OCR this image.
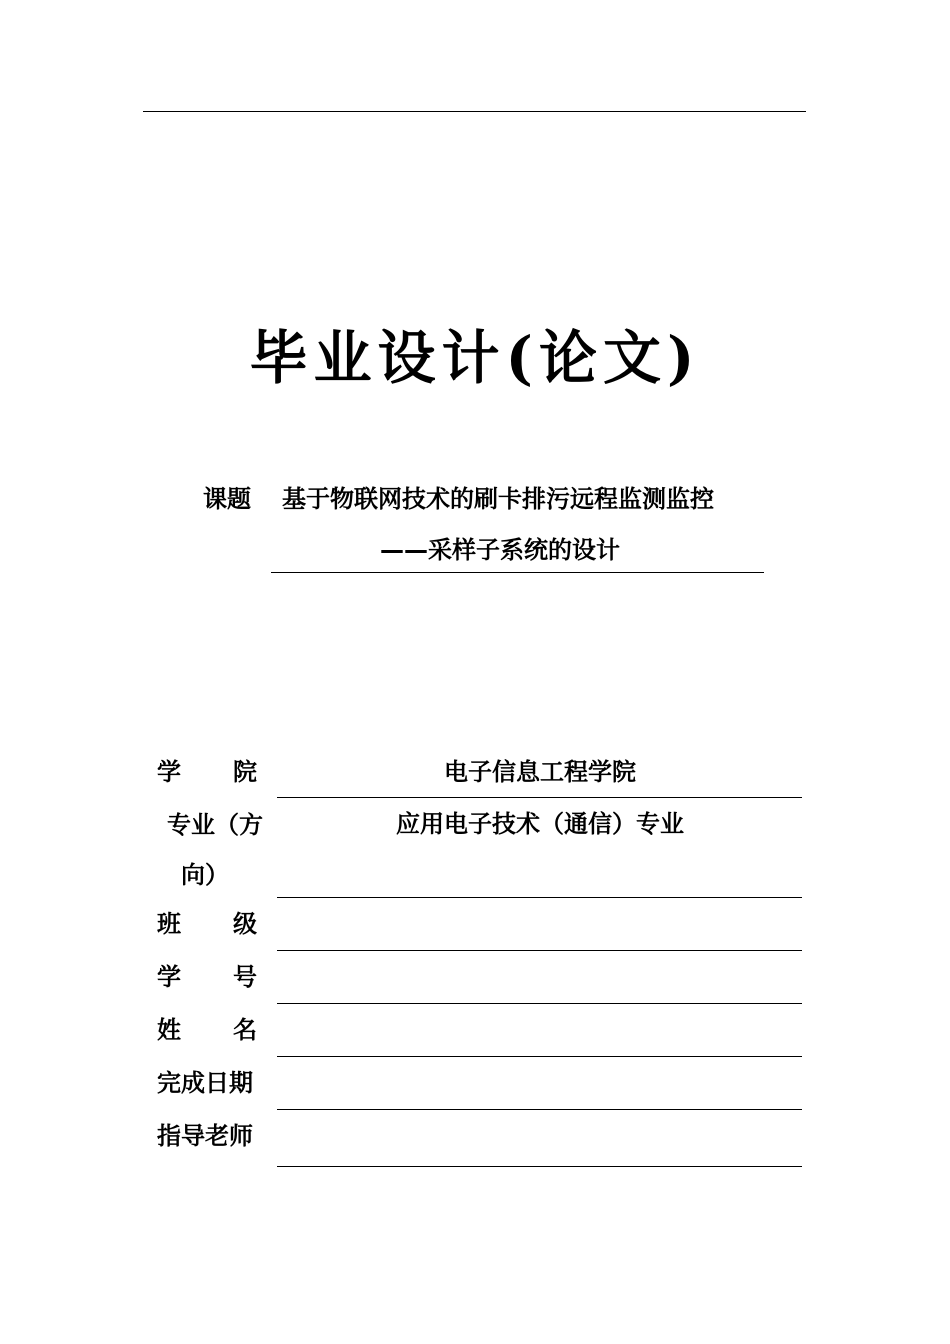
毕业设计(论文)
课题 基于物联网技术的刷卡排污远程监测监控
——采样子系统的设计
学 院	电子信息工程学院
专业（方
向）
应用电子技术（通信）专业
班 级
学 号
姓 名
完成日期
指导老师
